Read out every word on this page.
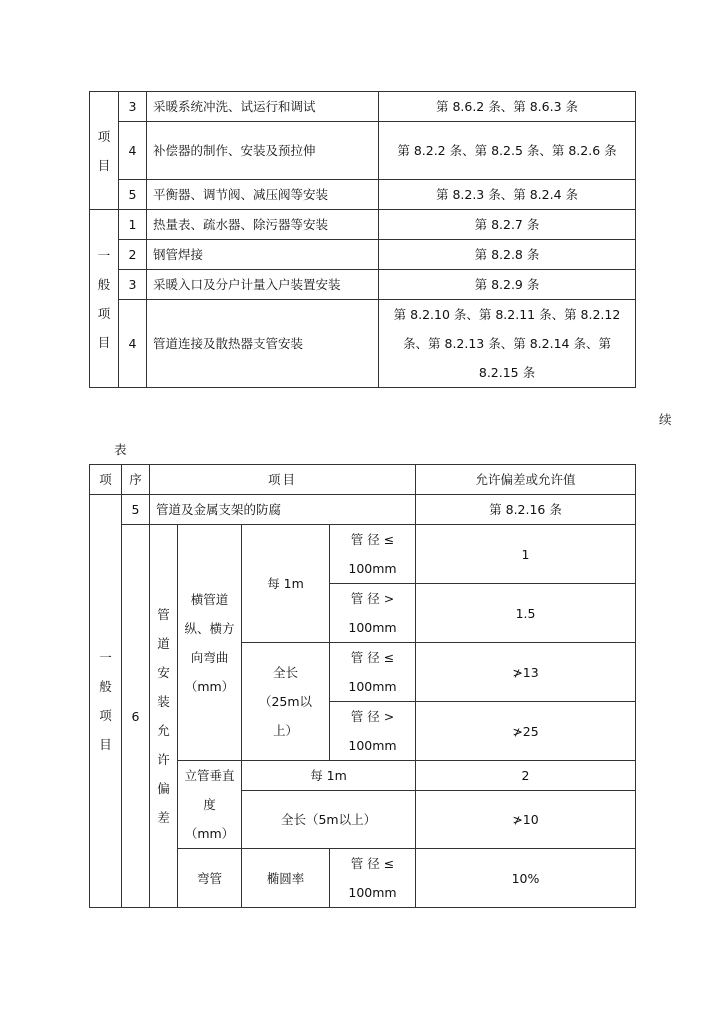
项目	3	采暖系统冲洗、试运行和调试	第 8.6.2 条、第 8.6.3 条
	4	补偿器的制作、安装及预拉伸	第 8.2.2 条、第 8.2.5 条、第 8.2.6 条

	5	平衡器、调节阀、减压阀等安装	第 8.2.3 条、第 8.2.4 条

一般项目	1	热量表、疏水器、除污器等安装	第 8.2.7 条
	2	钢管焊接	第 8.2.8 条
	3	采暖入口及分户计量入户装置安装	第 8.2.9 条
	4	管道连接及散热器支管安装	第 8.2.10 条、第 8.2.11 条、第 8.2.12 条、第 8.2.13 条、第 8.2.14 条、第 8.2.15 条
续
表
项	序	项目				允许偏差或允许值

一般项目	5	管道及金属支架的防腐				第 8.2.16 条
	6	管道安装允许偏差	横管道纵、横方向弯曲（mm）	每 1m	管 径 ≤ 100mm	1

					管 径 > 100mm	1.5

				全长（25m以上）	管 径 ≤ 100mm	≯13

					管 径 > 100mm	≯25

			立管垂直度（mm）	每 1m		2
				全长（5m以上）		≯10
			弯管	椭圆率	管 径 ≤ 100mm	10%
